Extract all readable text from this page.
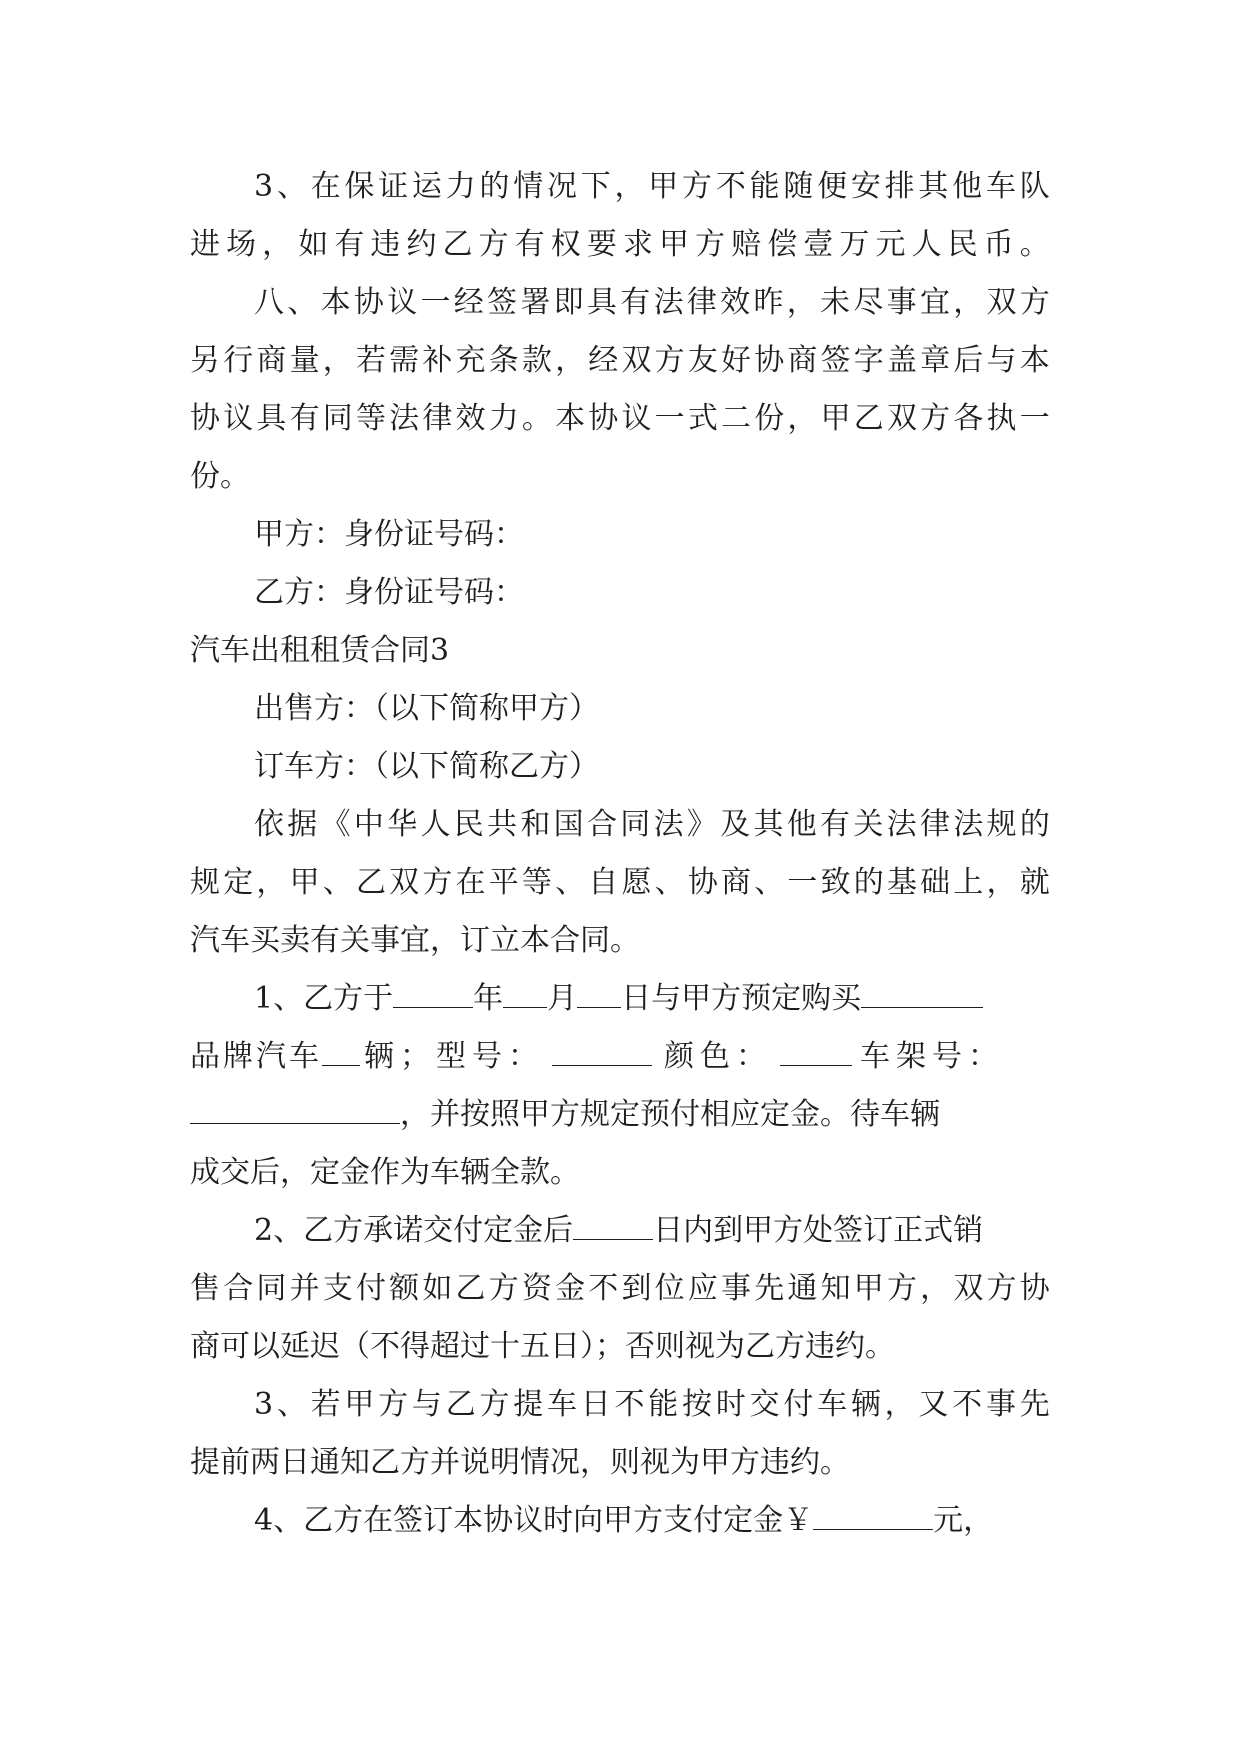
3 、 在 保 证 运 力 的 情 况 下 ， 甲 方 不 能 随 便 安 排 其 他 车 队
进 场 ， 如 有 违 约 乙 方 有 权 要 求 甲 方 赔 偿 壹 万 元 人 民 币 。
八 、 本 协 议 一 经 签 署 即 具 有 法 律 效 昨 ， 未 尽 事 宜 ， 双 方
另 行 商 量 ， 若 需 补 充 条 款 ， 经 双 方 友 好 协 商 签 字 盖 章 后 与 本
协 议 具 有 同 等 法 律 效 力 。 本 协 议 一 式 二 份 ， 甲 乙 双 方 各 执 一
份。
甲方：身份证号码：
乙方：身份证号码：
汽车出租租赁合同3
出售方：（以下简称甲方）
订车方：（以下简称乙方）
依 据 《 中 华 人 民 共 和 国 合 同 法 》 及 其 他 有 关 法 律 法 规 的
规 定 ， 甲 、 乙 双 方 在 平 等 、 自 愿 、 协 商 、 一 致 的 基 础 上 ， 就
汽车买卖有关事宜，订立本合同。
1、乙方于	年 月 日与甲方预定购买
品牌汽车 辆；型号：	颜色：	车架号：
，并按照甲方规定预付相应定金。待车辆
成交后，定金作为车辆全款。
2、乙方承诺交付定金后	日内到甲方处签订正式销
售 合 同 并 支 付 额 如 乙 方 资 金 不 到 位 应 事 先 通 知 甲 方 ， 双 方 协
商可以延迟（不得超过十五日）；否则视为乙方违约。
3 、 若 甲 方 与 乙 方 提 车 日 不 能 按 时 交 付 车 辆 ， 又 不 事 先
提前两日通知乙方并说明情况，则视为甲方违约。
4、乙方在签订本协议时向甲方支付定金￥	元，
